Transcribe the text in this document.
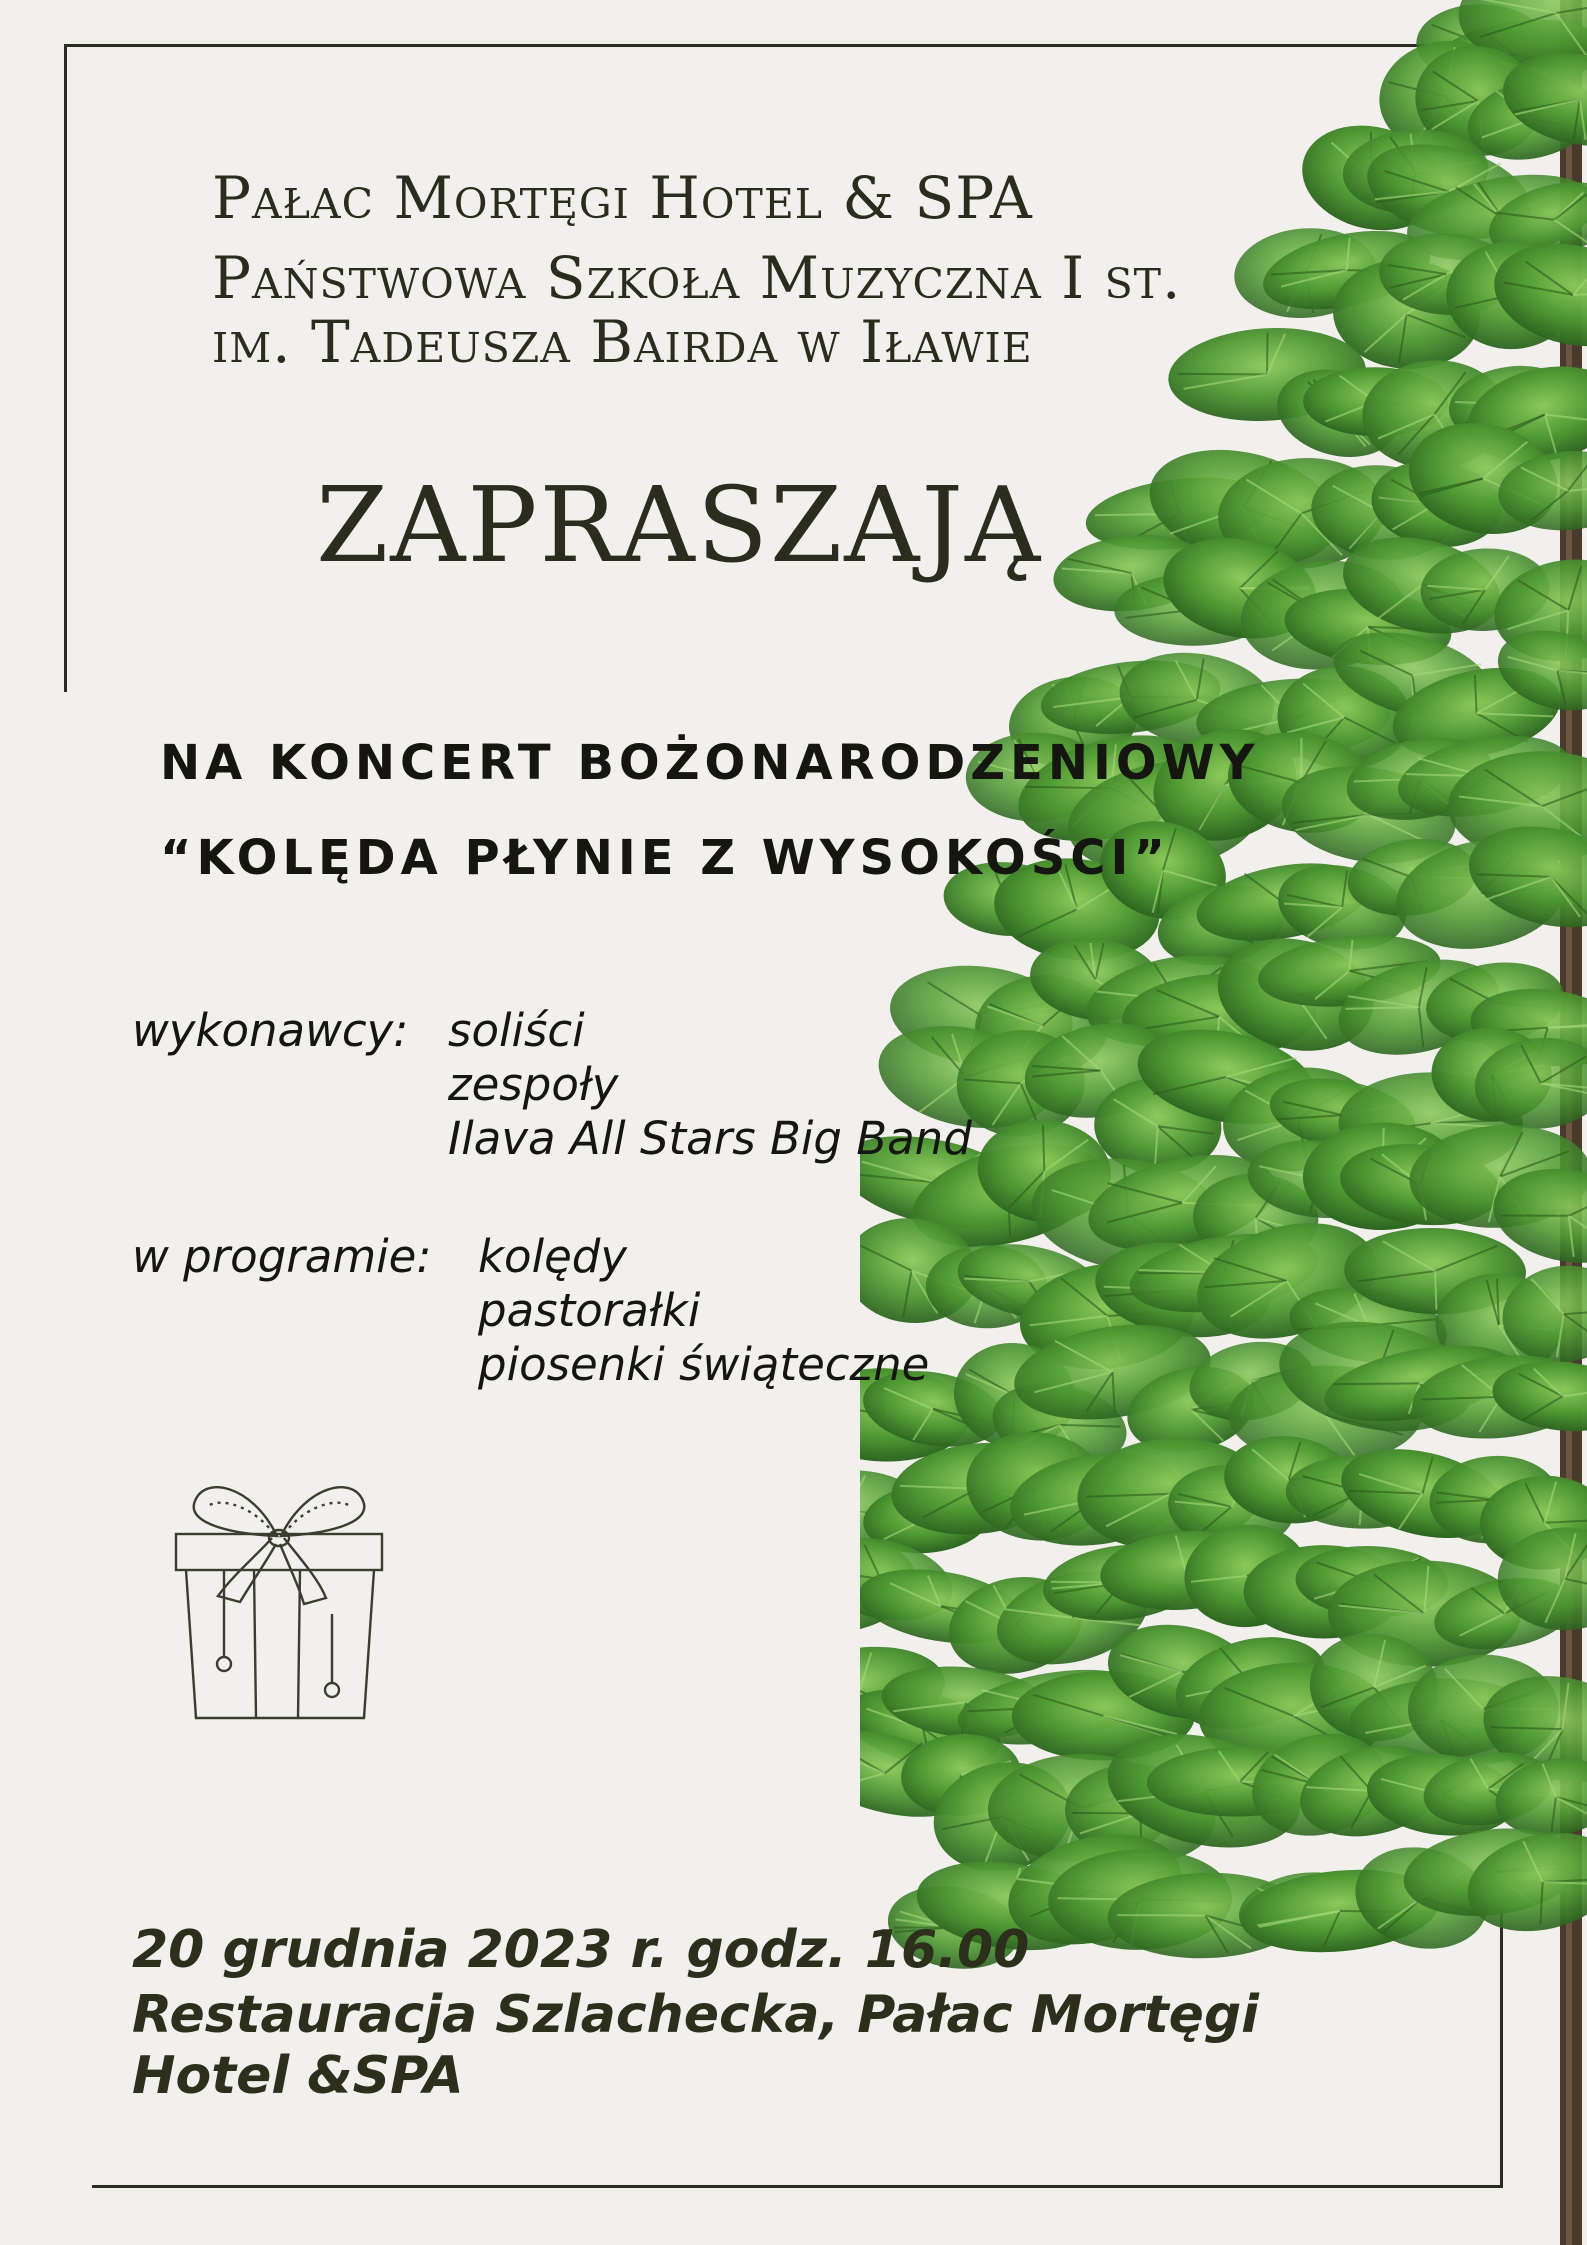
Pałac Mortęgi Hotel & SPA
Państwowa Szkoła Muzyczna I st.
im. Tadeusza Bairda w Iławie
ZAPRASZAJĄ
NA KONCERT BOŻONARODZENIOWY
“KOLĘDA PŁYNIE Z WYSOKOŚCI”
wykonawcy: soliści
zespoły
Ilava All Stars Big Band
w programie: kolędy
pastorałki
piosenki świąteczne
20 grudnia 2023 r. godz. 16.00
Restauracja Szlachecka, Pałac Mortęgi
Hotel &SPA
